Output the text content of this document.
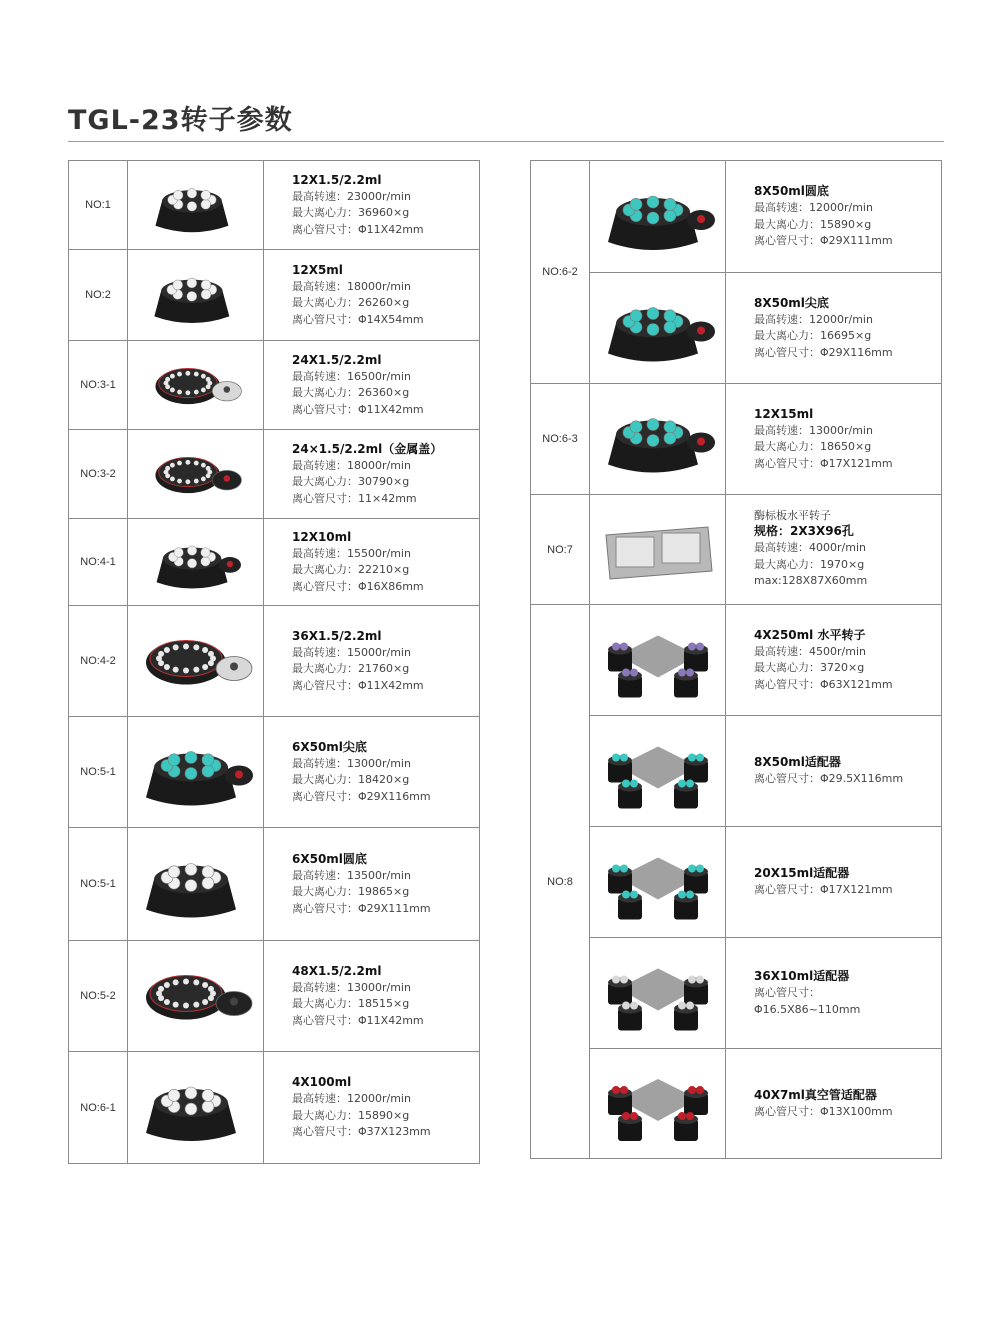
TGL-23转子参数
NO:1		12X1.5/2.2ml
最高转速：23000r/min
最大离心力：36960×g
离心管尺寸：Φ11X42mm

NO:2		12X5ml
最高转速：18000r/min
最大离心力：26260×g
离心管尺寸：Φ14X54mm

NO:3-1		24X1.5/2.2ml
最高转速：16500r/min
最大离心力：26360×g
离心管尺寸：Φ11X42mm

NO:3-2		24×1.5/2.2ml（金属盖）
最高转速：18000r/min
最大离心力：30790×g
离心管尺寸：11×42mm

NO:4-1		12X10ml
最高转速：15500r/min
最大离心力：22210×g
离心管尺寸：Φ16X86mm

NO:4-2		36X1.5/2.2ml
最高转速：15000r/min
最大离心力：21760×g
离心管尺寸：Φ11X42mm

NO:5-1		6X50ml尖底
最高转速：13000r/min
最大离心力：18420×g
离心管尺寸：Φ29X116mm

NO:5-1		6X50ml圆底
最高转速：13500r/min
最大离心力：19865×g
离心管尺寸：Φ29X111mm

NO:5-2		48X1.5/2.2ml
最高转速：13000r/min
最大离心力：18515×g
离心管尺寸：Φ11X42mm

NO:6-1		4X100ml
最高转速：12000r/min
最大离心力：15890×g
离心管尺寸：Φ37X123mm
NO:6-2		8X50ml圆底
最高转速：12000r/min
最大离心力：15890×g
离心管尺寸：Φ29X111mm

8X50ml尖底
最高转速：12000r/min
最大离心力：16695×g
离心管尺寸：Φ29X116mm

NO:6-3		12X15ml
最高转速：13000r/min
最大离心力：18650×g
离心管尺寸：Φ17X121mm

NO:7		酶标板水平转子
规格：2X3X96孔
最高转速：4000r/min
最大离心力：1970×g
max:128X87X60mm

NO:8		4X250ml 水平转子
最高转速：4500r/min
最大离心力：3720×g
离心管尺寸：Φ63X121mm

8X50ml适配器
离心管尺寸：Φ29.5X116mm

20X15ml适配器
离心管尺寸：Φ17X121mm

36X10ml适配器
离心管尺寸：
Φ16.5X86~110mm

40X7ml真空管适配器
离心管尺寸：Φ13X100mm
